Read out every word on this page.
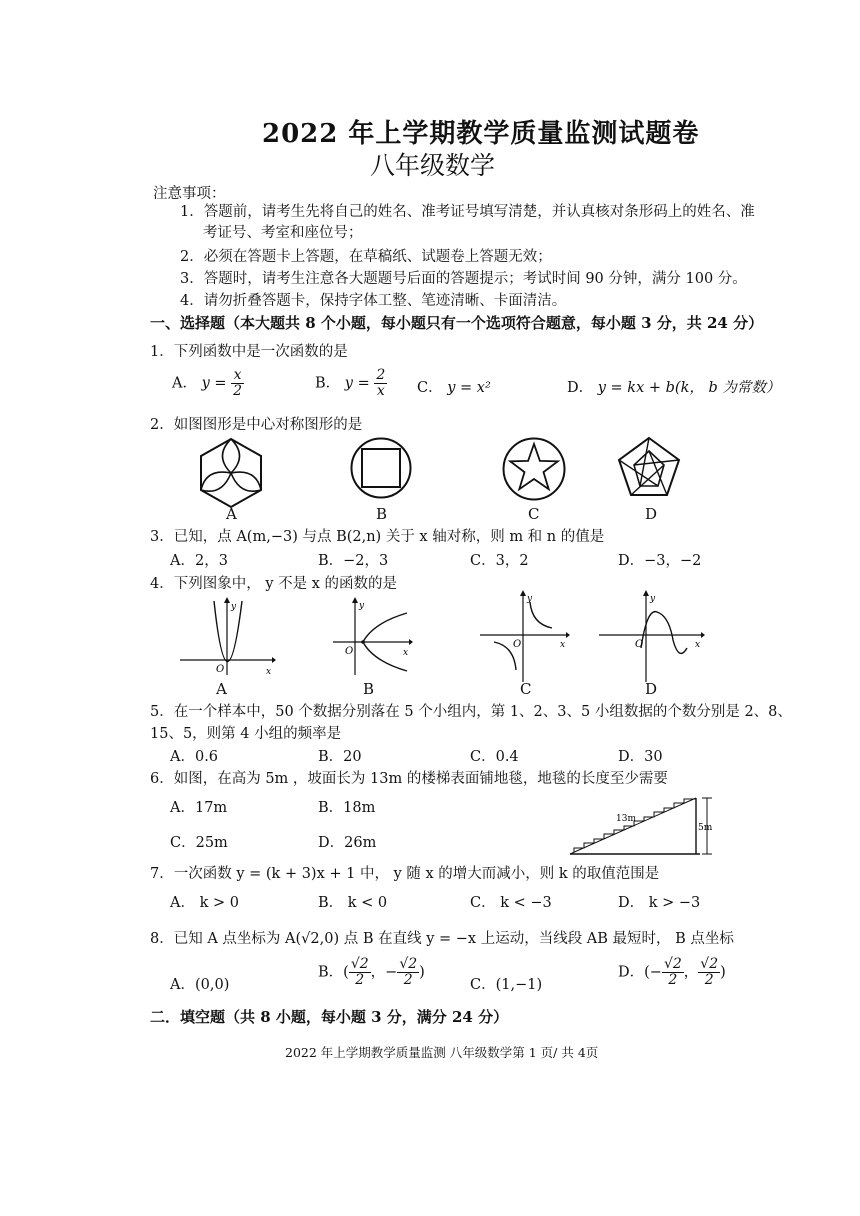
2022 年上学期教学质量监测试题卷
八年级数学
注意事项：
1．答题前，请考生先将自己的姓名、准考证号填写清楚，并认真核对条形码上的姓名、准
考证号、考室和座位号；
2．必须在答题卡上答题，在草稿纸、试题卷上答题无效；
3．答题时，请考生注意各大题题号后面的答题提示；考试时间 90 分钟，满分 100 分。
4．请勿折叠答题卡，保持字体工整、笔迹清晰、卡面清洁。
一、选择题（本大题共 8 个小题，每小题只有一个选项符合题意，每小题 3 分，共 24 分）
1．下列函数中是一次函数的是
A． $y = \frac{x}{2}$	B． $y = \frac{2}{x}$ C． y = x²	D． y = kx + b(k， b 为常数）
2．如图图形是中心对称图形的是
A	B	C	D
3．已知，点 A(m,−3) 与点 B(2,n) 关于 x 轴对称，则 m 和 n 的值是
A．2，3	B．−2，3	C．3，2	D．−3，−2
4．下列图象中， y 不是 x 的函数的是
y
O	x
y
O	x
y
O	x
y
O	x
A	B	C	D
5．在一个样本中，50 个数据分别落在 5 个小组内，第 1、2、3、5 小组数据的个数分别是 2、8、
15、5，则第 4 小组的频率是
A．0.6	B．20	C．0.4	D．30
6．如图，在高为 5m ，坡面长为 13m 的楼梯表面铺地毯，地毯的长度至少需要
A．17m	B．18m
C．25m	D．26m
13m
5m
7．一次函数 y = (k + 3)x + 1 中， y 随 x 的增大而减小，则 k 的取值范围是
A． k > 0	B． k < 0	C． k < −3	D． k > −3
8．已知 A 点坐标为 A(√2,0) 点 B 在直线 y = −x 上运动，当线段 AB 最短时， B 点坐标
A．(0,0)
B．( $\frac{√2}{2}$ ，− $\frac{√2}{2}$ )
C．(1,−1)
D．(− $\frac{√2}{2}$ ， $\frac{√2}{2}$ )
二．填空题（共 8 小题，每小题 3 分，满分 24 分）
2022 年上学期教学质量监测 八年级数学第 1 页/ 共 4页
